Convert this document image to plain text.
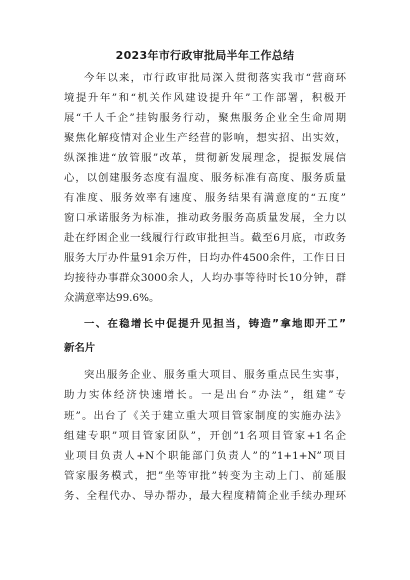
2023年市行政审批局半年工作总结
今年以来，市行政审批局深入贯彻落实我市“营商环
境提升年”和“机关作风建设提升年”工作部署，积极开
展“千人千企”挂钩服务行动，聚焦服务企业全生命周期
聚焦化解疫情对企业生产经营的影响，想实招、出实效，
纵深推进“放管服”改革，贯彻新发展理念，提振发展信
心，以创建服务态度有温度、服务标准有高度、服务质量
有准度、服务效率有速度、服务结果有满意度的“五度”
窗口承诺服务为标准，推动政务服务高质量发展，全力以
赴在纾困企业一线履行行政审批担当。截至6月底，市政务
服务大厅办件量91余万件，日均办件4500余件，工作日日
均接待办事群众3000余人，人均办事等待时长10分钟，群
众满意率达99.6%。
一、在稳增长中促提升见担当，铸造”拿地即开工”
新名片
突出服务企业、服务重大项目、服务重点民生实事，
助力实体经济快速增长。一是出台”办法”，组建”专
班”。出台了《关于建立重大项目管家制度的实施办法》
组建专职”项目管家团队”，开创”1名项目管家+1名企
业项目负责人+N个职能部门负责人”的”1+1+N”项目
管家服务模式，把”坐等审批”转变为主动上门、前延服
务、全程代办、导办帮办，最大程度精简企业手续办理环
